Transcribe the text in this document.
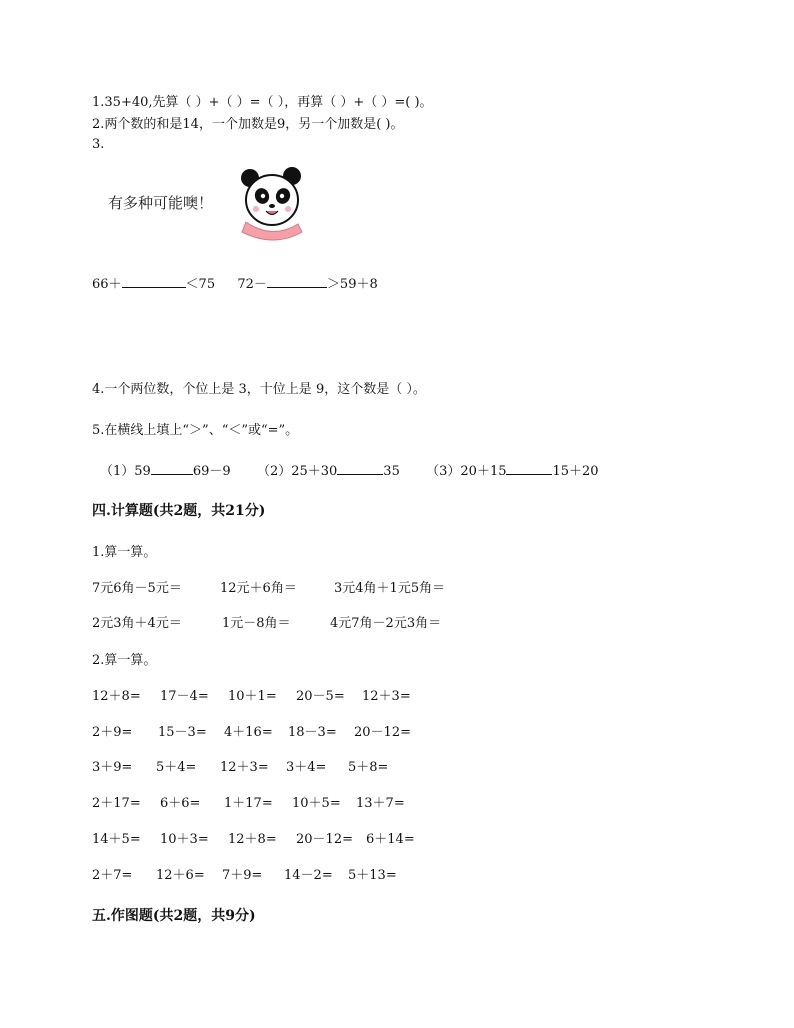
1.35+40,先算（ ）+（ ）=（ ），再算（ ）+（ ）=( )。
2.两个数的和是14，一个加数是9，另一个加数是( )。
3.
有多种可能噢！
66＋	＜75 72－	＞59＋8
4.一个两位数，个位上是 3，十位上是 9，这个数是（ ）。
5.在横线上填上“＞”、“＜”或“=”。
（1）59	69－9 （2）25＋30	35 （3）20＋15	15＋20
四.计算题(共2题，共21分)
1.算一算。
7元6角－5元＝	12元＋6角＝	3元4角＋1元5角＝
2元3角＋4元＝	1元－8角＝	4元7角－2元3角＝
2.算一算。
12＋8= 17－4= 10＋1= 20－5= 12＋3=
2＋9= 15－3= 4＋16= 18－3= 20－12=
3＋9= 5＋4= 12＋3= 3＋4= 5＋8=
2＋17= 6＋6= 1＋17= 10＋5= 13＋7=
14＋5= 10＋3= 12＋8= 20－12= 6＋14=
2＋7= 12＋6= 7＋9= 14－2= 5＋13=
五.作图题(共2题，共9分)
